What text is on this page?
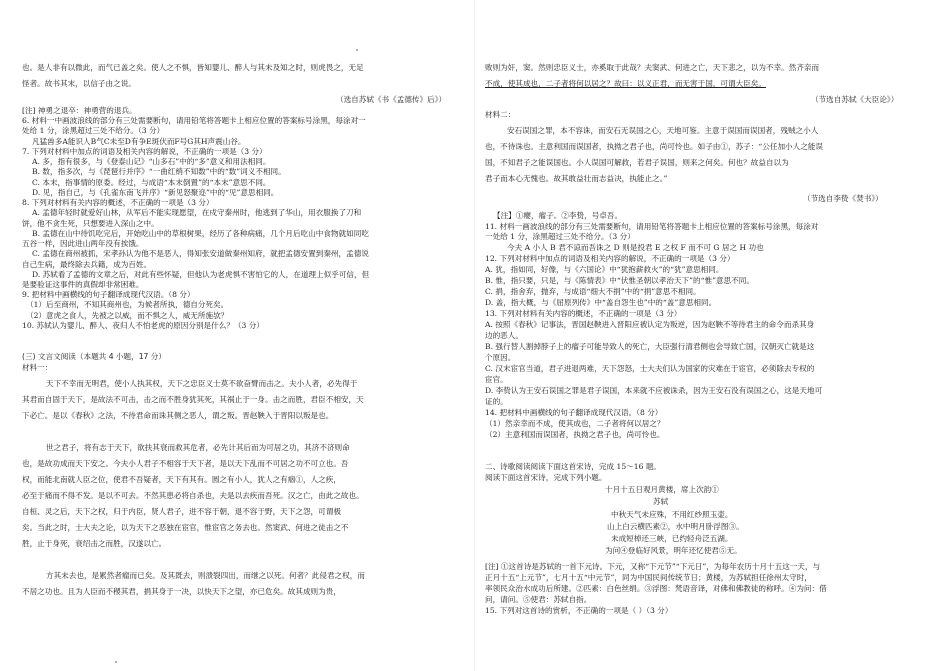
也。是人非有以微此，而气已盖之矣。使人之不惧，皆知婴儿、醉人与其未及知之时，则虎畏之，无足
怪者。故书其末，以信子由之说。
（选自苏轼《书《孟德传》后》）
[注] 神勇之退卒：神勇营的退兵。
6. 材料一中画波浪线的部分有三处需要断句，请用铅笔将答题卡上相应位置的答案标号涂黑，每涂对一
处给 1 分，涂黑超过三处不给分。（3 分）
凡猛兽多A能识人B气C未至D有争E斑伏而F号G其H声震山谷。
7. 下列对材料中加点的词语及相关内容的解说，不正确的一项是（3 分）
A. 多，指有很多，与《登泰山记》“山多石”中的“多”意义和用法相同。
B. 数，指多次，与《琵琶行并序》“一曲红绡不知数”中的“数”词义不相同。
C. 本末，指事情的原委。经过，与成语“本末倒置”的“本末”意思不同。
D. 见，指自己，与《孔雀东南飞并序》“新见怒聚迩”中的“见”意思相同。
8. 下列对材料有关内容的概述，不正确的一项是（3 分）
A. 孟德年轻时就爱好山林，从军后不能实现愿望，在戍守秦州时，他逃到了华山，用衣服换了刀和
饼，他不贪生死，只想要进入深山之中。
B. 孟德在山中待饥吃完后，开始吃山中的草根树果，经历了各种病痛，几个月后吃山中食物就如同吃
五谷一样，因此进山两年没有挨饿。
C. 孟德在商州被抓，宋孝孙认为他不是恶人，得知张安道做秦州知府，就把孟德安置到秦州，孟德说
自己生病，最终除去兵籍，成为百姓。
D. 苏轼看了孟德的文章之后，对此有些怀疑，但他认为老虎惧不害怕它的人，在道理上似乎可信，但
是要验证这事件的真假却非常困难。
9. 把材料中画横线的句子翻译成现代汉语。（8 分）
（1）后至商州，不知其商州也，为候者所执，德自分死矣。
（2）意虎之食人，先被之以威，而不惧之人，威无所施欤？
10. 苏轼认为婴儿、醉人、夜归人不怕老虎的原因分别是什么？（3 分）
(三) 文言文阅读（本题共 4 小题，17 分）
材料一：
天下不幸而无明君，使小人执其权，天下之忠臣义士莫不欲奋臂而击之。夫小人者，必先得于
其君而自固于天下，是故法不可击，击之而不胜身犹其死，其祸止于一身。击之而胜，君臣不相安，天
下必亡。是以《春秋》之法，不待君命而诛其侧之恶人，谓之叛。晋赵鞅入于晋阳以叛是也。
世之君子，将有志于天下，欲扶其衰而救其危者，必先计其后而为可居之功，其济不济则命
也，是故功成而天下安之。今夫小人君子不相容于天下者，是以天下乱而不可居之功不可立也。吾
权，而能北南就人臣之位，使君不吾疑者，天下有其有。圆之有小人，犹人之有痼①，人之疾，
必至于痛而不得不发。是以不可去。不然其患必将自杀也，夫是以去疾而吾死。汉之亡，由此之故也。
自桓、灵之后，天下之权，归于内臣，贤人君子，进不容于朝，退不容于野，天下之怨，可谓极
矣。当此之时，士大夫之论，以为天下之恶独在宦官，惟宦官之务去也。然窦武、何进之徒击之不
胜，止于身死，衰绍击之而胜，汉遂以亡。
方其未去也，是累然者瘤而已矣。及其既去，则溃裂四出，而继之以死。何者？此侵君之权，而
不居之功也。且为人臣而不稷其君，捐其身于一决，以快天下之望，亦已危矣。故其成则为贵，
败则为奸，窦。然则忠臣义士，亦奚取于此哉？夫窦武、何进之亡，天下悲之，以为不幸。然齐亲而
不成，使其成也，二子者将何以居之？故曰：以义正君，而无害于国，可谓大臣矣。
（节选自苏轼《大臣论》）
材料二：
安石误国之罪，本不容诛，而安石无误国之心，天地可鉴。主意于误国而误国者，残贼之小人
也，不待诛也。主意利国而误国者，执拗之君子也，尚可怜也。如子由①，苏子：“公任加小人之能误
国，不知君子之能误国也。小人误国可解救，若君子误国，则来之何矣。何也？故益自以为
君子而本心无愧也。故其敢益壮而志益决，执能止之。”
（节选自李贽《焚书》）
【注】①瘿，瘤子。②李贽，号卓吾。
11. 材料一画波浪线的部分有三处需要断句，请用铅笔将答题卡上相应位置的答案标号涂黑，每涂对
一处给 1 分，涂黑超过三处不给分。（3 分）
今夫 A 小人 B 君不谅而吾诛之 D 则是投君 E 之权 F 而不可 G 居之 H 功也
12. 下列对材料中加点的词语及相关内容的解说，不正确的一项是（3 分）
A. 犹，指如同，好像，与《六国论》中“犹抱薪救火”的“犹”意思相同。
B. 惟，指只要，只是，与《陈情表》中“伏惟圣朝以孝治天下”的“惟”意思不同。
C. 捐，指舍弃，抛弃，与成语“细大不捐”中的“捐”意思不相同。
D. 盖，指大概，与《屈原列传》中“盖自怨生也”中的“盖”意思相同。
13. 下列对材料有关内容的概述，不正确的一项是（3 分）
A. 按照《春秋》记事法，晋国赵鞅进入晋阳应被认定为叛逆，因为赵鞅不等待君主的命令而杀其身
边的恶人。
B. 强行替人割掉脖子上的瘤子可能导致人的死亡，大臣强行清君侧也会导致亡国，汉朝灭亡就是这
个原因。
C. 汉末宦官当道，君子进退两难，天下怨怒，士大夫们认为国家的灾难在于宦官，必须除去专权的
宦官。
D. 李贽认为王安石误国之罪是君子误国，本来就不应被诛杀，因为王安石没有误国之心，这是天地可
证的。
14. 把材料中画横线的句子翻译成现代汉语。（8 分）
（1）然亲幸而不成，使其成也，二子者将何以居之？
（2）主意利国而误国者，执拗之君子也，尚可怜也。
二、诗歌阅读阅读下面这首宋诗，完成 15～16 题。
阅读下面这首宋诗，完成下列小题。
十月十五日观月黄楼，席上次韵①
苏轼
中秋天气未应殊，不用红纱照玉壶。
山上白云横匹素②，水中明月卧浮图③。
未成短棹还三峡，已约轻舟泛五湖。
为问④登临好风景，明年还忆使君⑤无。
[注] ①这首诗是苏轼的一首下元诗。下元，又称“下元节”“下元日”，为每年农历十月十五这一天，与
正月十五“上元节”，七月十五“中元节”，同为中国民间传统节日；黄楼，为苏轼担任徐州太守时，
率领民众治水成功后所建。②匹素：白色丝绢。③浮图：梵语音译，对佛和佛教徒的称呼。④为问：借
问，请问。⑤使君：苏轼自指。
15. 下列对这首诗的赏析，不正确的一项是（ ）（3 分）
